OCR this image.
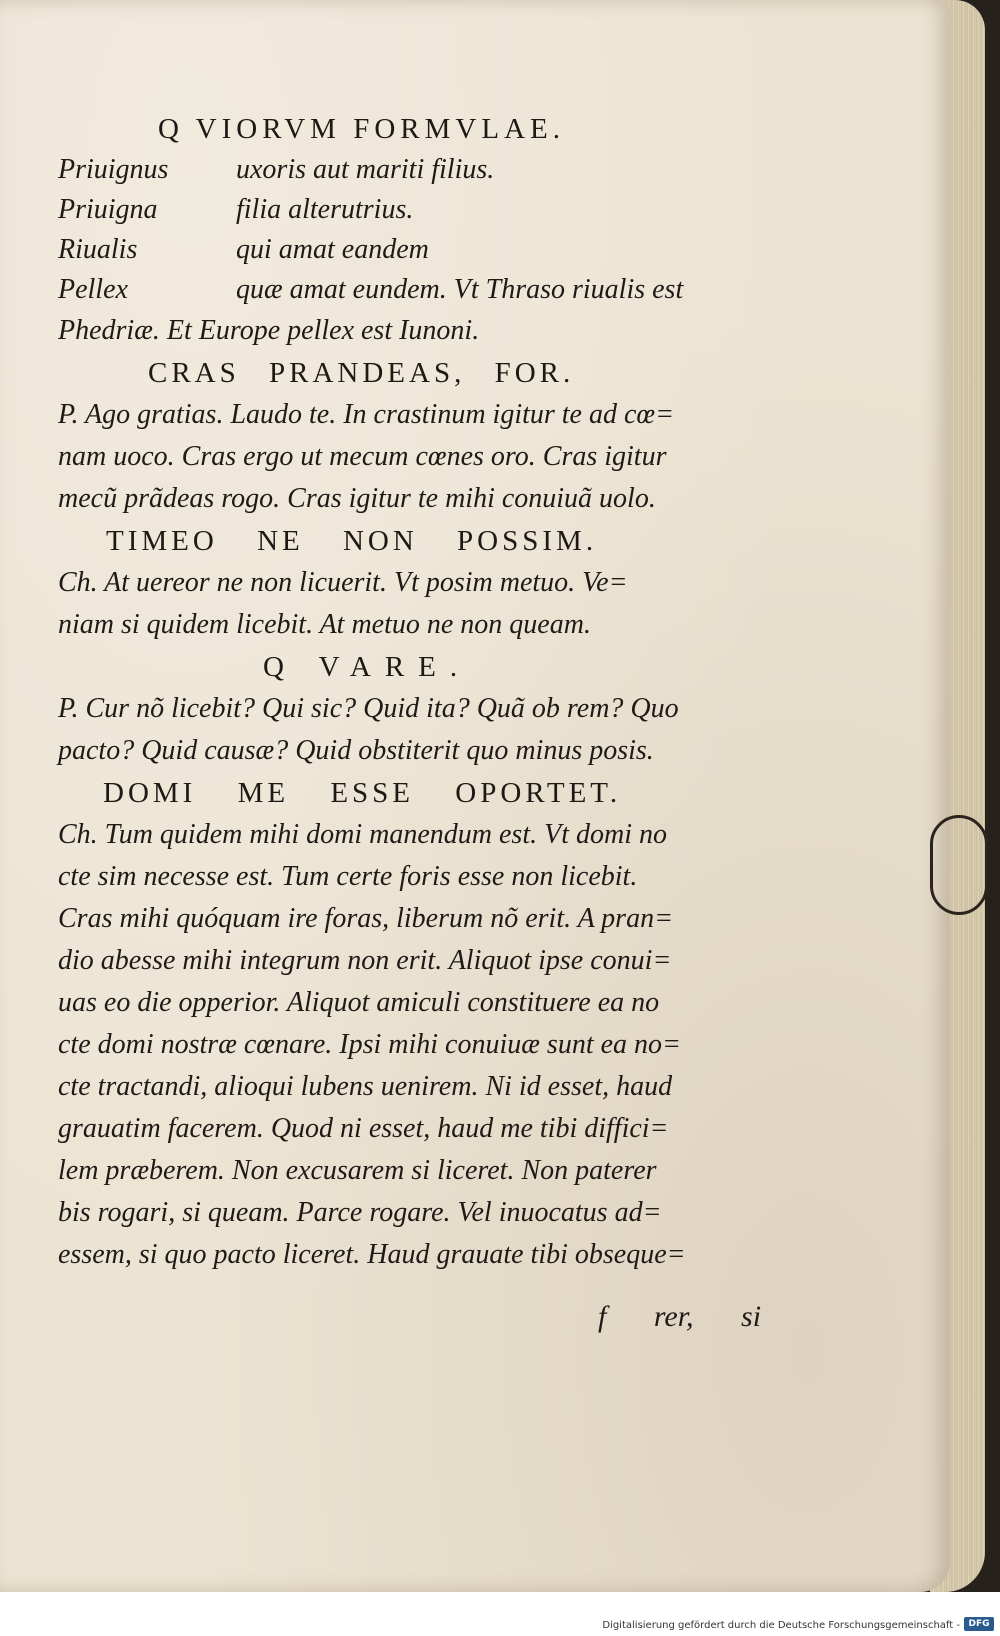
Q VIORVM FORMVLAE.
Priuignus	uxoris aut mariti filius.
Priuigna	filia alterutrius.
Riualis	qui amat eandem
Pellex	quæ amat eundem. Vt Thraso riualis est
Phedriæ. Et Europe pellex est Iunoni.
CRAS PRANDEAS, FOR.
P. Ago gratias. Laudo te. In crastinum igitur te ad cœ=
nam uoco. Cras ergo ut mecum cœnes oro. Cras igitur
mecũ prãdeas rogo. Cras igitur te mihi conuiuã uolo.
TIMEO NE NON POSSIM.
Ch. At uereor ne non licuerit. Vt posim metuo. Ve=
niam si quidem licebit. At metuo ne non queam.
Q VARE.
P. Cur nõ licebit? Qui sic? Quid ita? Quã ob rem? Quo
pacto? Quid causæ? Quid obstiterit quo minus posis.
DOMI ME ESSE OPORTET.
Ch. Tum quidem mihi domi manendum est. Vt domi no
cte sim necesse est. Tum certe foris esse non licebit.
Cras mihi quóquam ire foras, liberum nõ erit. A pran=
dio abesse mihi integrum non erit. Aliquot ipse conui=
uas eo die opperior. Aliquot amiculi constituere ea no
cte domi nostræ cœnare. Ipsi mihi conuiuæ sunt ea no=
cte tractandi, alioqui lubens uenirem. Ni id esset, haud
grauatim facerem. Quod ni esset, haud me tibi diffici=
lem præberem. Non excusarem si liceret. Non paterer
bis rogari, si queam. Parce rogare. Vel inuocatus ad=
essem, si quo pacto liceret. Haud grauate tibi obseque=
f rer, si
Digitalisierung gefördert durch die Deutsche Forschungsgemeinschaft - DFG
